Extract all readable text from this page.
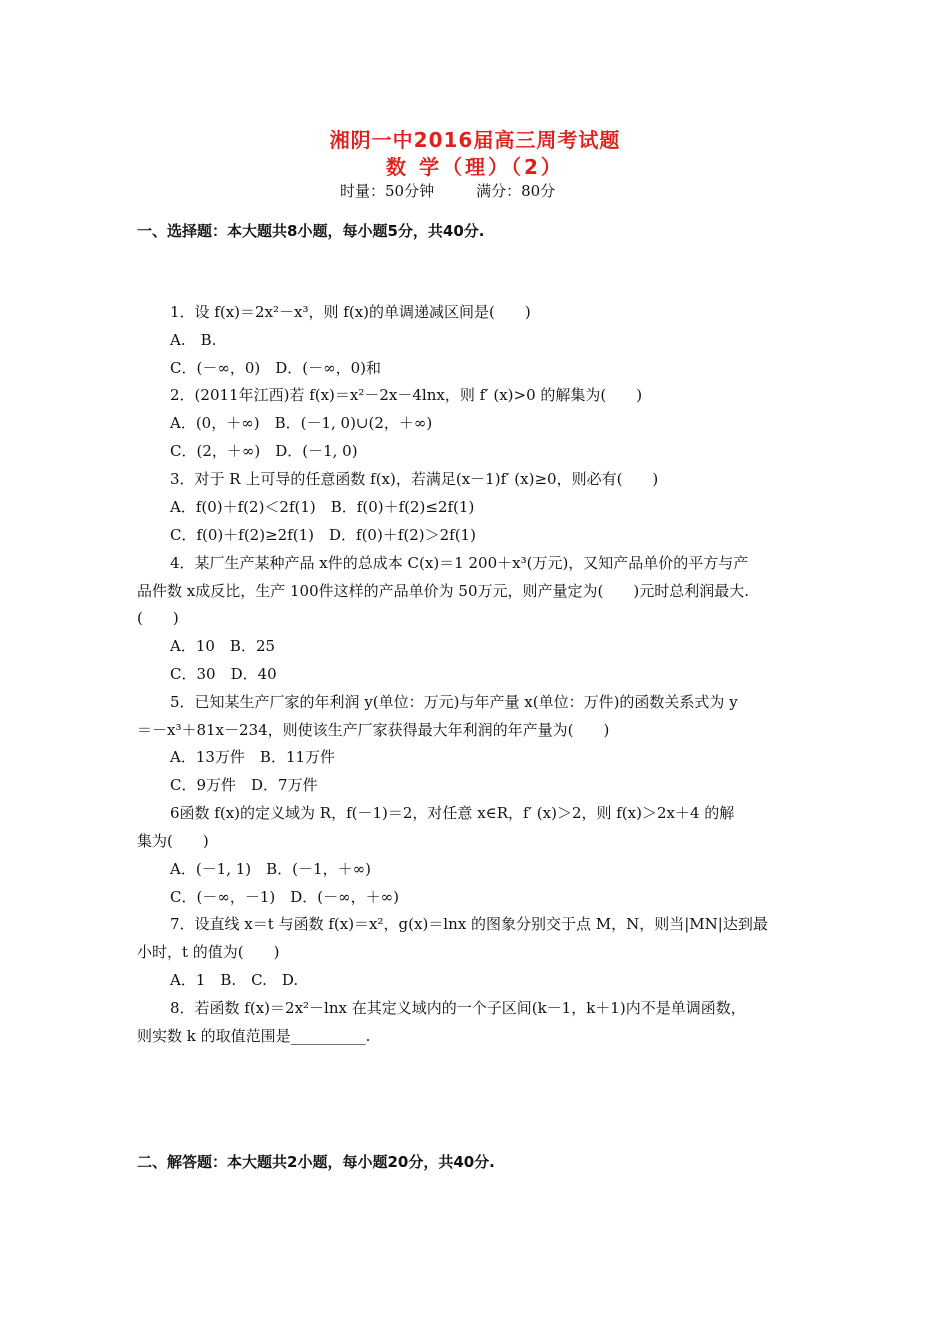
湘阴一中2016届高三周考试题
数 学（理）（2）
时量：50分钟	满分：80分
一、选择题：本大题共8小题，每小题5分，共40分.
1．设 f(x)＝2x²－x³，则 f(x)的单调递减区间是(　　)
A.　B.
C．(－∞，0)　D．(－∞，0)和
2．(2011年江西)若 f(x)＝x²－2x－4lnx，则 f′ (x)>0 的解集为(　　)
A．(0，＋∞)　B．(－1, 0)∪(2，＋∞)
C．(2，＋∞)　D．(－1, 0)
3．对于 R 上可导的任意函数 f(x)，若满足(x－1)f′ (x)≥0，则必有(　　)
A．f(0)＋f(2)＜2f(1)　B．f(0)＋f(2)≤2f(1)
C．f(0)＋f(2)≥2f(1)　D．f(0)＋f(2)＞2f(1)
4．某厂生产某种产品 x件的总成本 C(x)＝1 200＋x³(万元)，又知产品单价的平方与产
品件数 x成反比，生产 100件这样的产品单价为 50万元，则产量定为(　　)元时总利润最大.
(　　)
A．10　B．25
C．30　D．40
5．已知某生产厂家的年利润 y(单位：万元)与年产量 x(单位：万件)的函数关系式为 y
＝－x³＋81x－234，则使该生产厂家获得最大年利润的年产量为(　　)
A．13万件　B．11万件
C．9万件　D．7万件
6函数 f(x)的定义域为 R，f(－1)＝2，对任意 x∈R，f′ (x)＞2，则 f(x)＞2x＋4 的解
集为(　　)
A．(－1, 1)　B．(－1，＋∞)
C．(－∞，－1)　D．(－∞，＋∞)
7．设直线 x＝t 与函数 f(x)＝x²，g(x)＝lnx 的图象分别交于点 M，N，则当|MN|达到最
小时，t 的值为(　　)
A．1　B.　C.　D.
8．若函数 f(x)＝2x²－lnx 在其定义域内的一个子区间(k－1，k＋1)内不是单调函数，
则实数 k 的取值范围是__________.
二、解答题：本大题共2小题，每小题20分，共40分.
